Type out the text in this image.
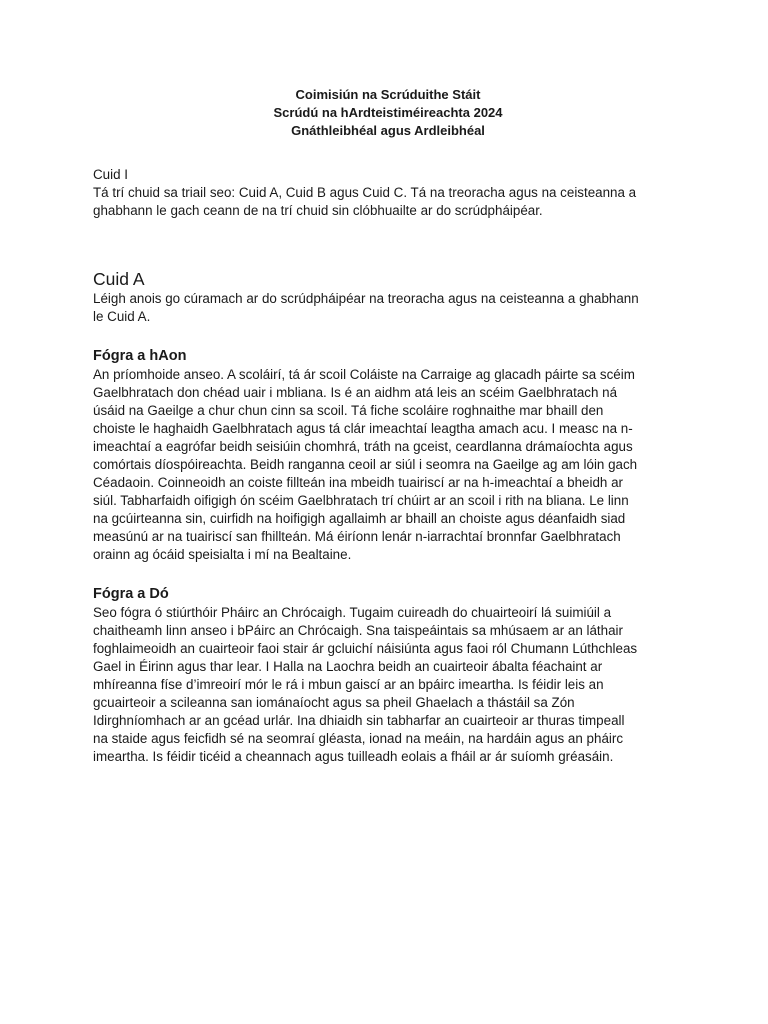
Coimisiún na Scrúduithe Stáit
Scrúdú na hArdteistiméireachta 2024
Gnáthleibhéal agus Ardleibhéal
Cuid I

Tá trí chuid sa triail seo: Cuid A, Cuid B agus Cuid C. Tá na treoracha agus na ceisteanna a
ghabhann le gach ceann de na trí chuid sin clóbhuailte ar do scrúdpháipéar.

Cuid A

Léigh anois go cúramach ar do scrúdpháipéar na treoracha agus na ceisteanna a ghabhann
le Cuid A.

Fógra a hAon

An príomhoide anseo. A scoláirí, tá ár scoil Coláiste na Carraige ag glacadh páirte sa scéim
Gaelbhratach don chéad uair i mbliana. Is é an aidhm atá leis an scéim Gaelbhratach ná
úsáid na Gaeilge a chur chun cinn sa scoil. Tá fiche scoláire roghnaithe mar bhaill den
choiste le haghaidh Gaelbhratach agus tá clár imeachtaí leagtha amach acu. I measc na n-
imeachtaí a eagrófar beidh seisiúin chomhrá, tráth na gceist, ceardlanna drámaíochta agus
comórtais díospóireachta. Beidh ranganna ceoil ar siúl i seomra na Gaeilge ag am lóin gach
Céadaoin. Coinneoidh an coiste fillteán ina mbeidh tuairiscí ar na h-imeachtaí a bheidh ar
siúl. Tabharfaidh oifigigh ón scéim Gaelbhratach trí chúirt ar an scoil i rith na bliana. Le linn
na gcúirteanna sin, cuirfidh na hoifigigh agallaimh ar bhaill an choiste agus déanfaidh siad
measúnú ar na tuairiscí san fhillteán. Má éiríonn lenár n-iarrachtaí bronnfar Gaelbhratach
orainn ag ócáid speisialta i mí na Bealtaine.

Fógra a Dó

Seo fógra ó stiúrthóir Pháirc an Chrócaigh. Tugaim cuireadh do chuairteoirí lá suimiúil a
chaitheamh linn anseo i bPáirc an Chrócaigh. Sna taispeáintais sa mhúsaem ar an láthair
foghlaimeoidh an cuairteoir faoi stair ár gcluichí náisiúnta agus faoi ról Chumann Lúthchleas
Gael in Éirinn agus thar lear. I Halla na Laochra beidh an cuairteoir ábalta féachaint ar
mhíreanna físe d’imreoirí mór le rá i mbun gaiscí ar an bpáirc imeartha. Is féidir leis an
gcuairteoir a scileanna san iománaíocht agus sa pheil Ghaelach a thástáil sa Zón
Idirghníomhach ar an gcéad urlár. Ina dhiaidh sin tabharfar an cuairteoir ar thuras timpeall
na staide agus feicfidh sé na seomraí gléasta, ionad na meáin, na hardáin agus an pháirc
imeartha. Is féidir ticéid a cheannach agus tuilleadh eolais a fháil ar ár suíomh gréasáin.
